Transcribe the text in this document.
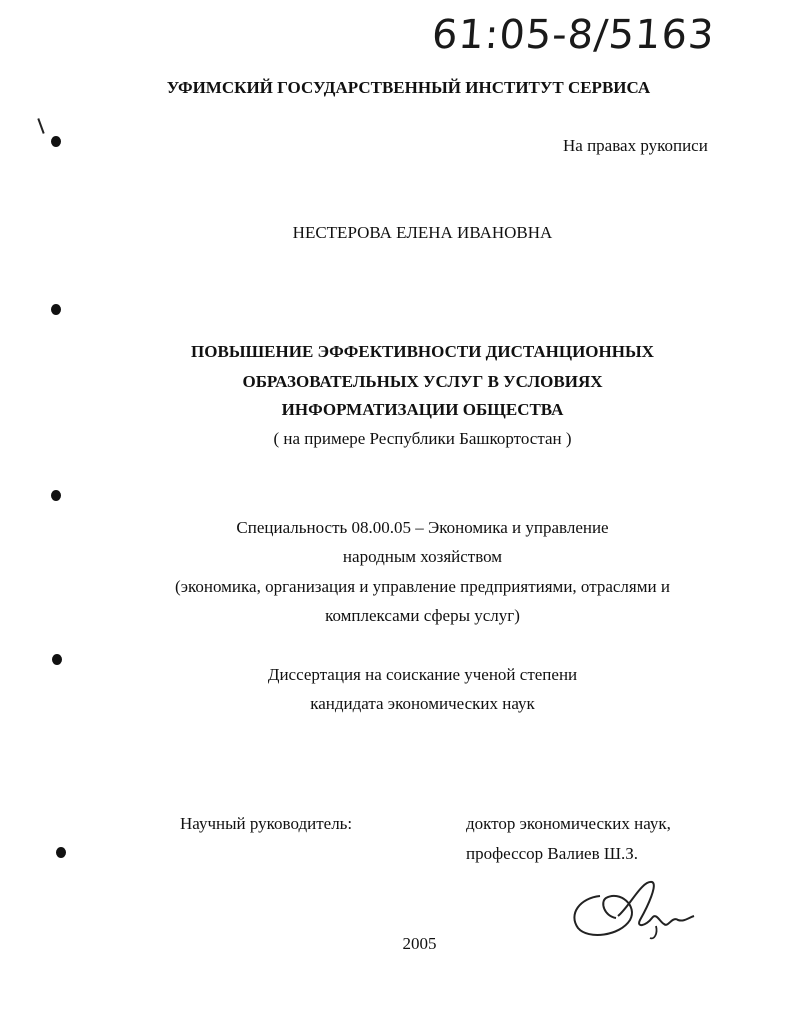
61:05-8/5163
УФИМСКИЙ ГОСУДАРСТВЕННЫЙ ИНСТИТУТ СЕРВИСА
На правах рукописи
НЕСТЕРОВА ЕЛЕНА ИВАНОВНА
ПОВЫШЕНИЕ ЭФФЕКТИВНОСТИ ДИСТАНЦИОННЫХ
ОБРАЗОВАТЕЛЬНЫХ УСЛУГ В УСЛОВИЯХ
ИНФОРМАТИЗАЦИИ ОБЩЕСТВА
( на примере Республики Башкортостан )
Специальность 08.00.05 – Экономика и управление
народным хозяйством
(экономика, организация и управление предприятиями, отраслями и
комплексами сферы услуг)
Диссертация на соискание ученой степени
кандидата экономических наук
Научный руководитель:	доктор экономических наук,
профессор Валиев Ш.З.
2005
